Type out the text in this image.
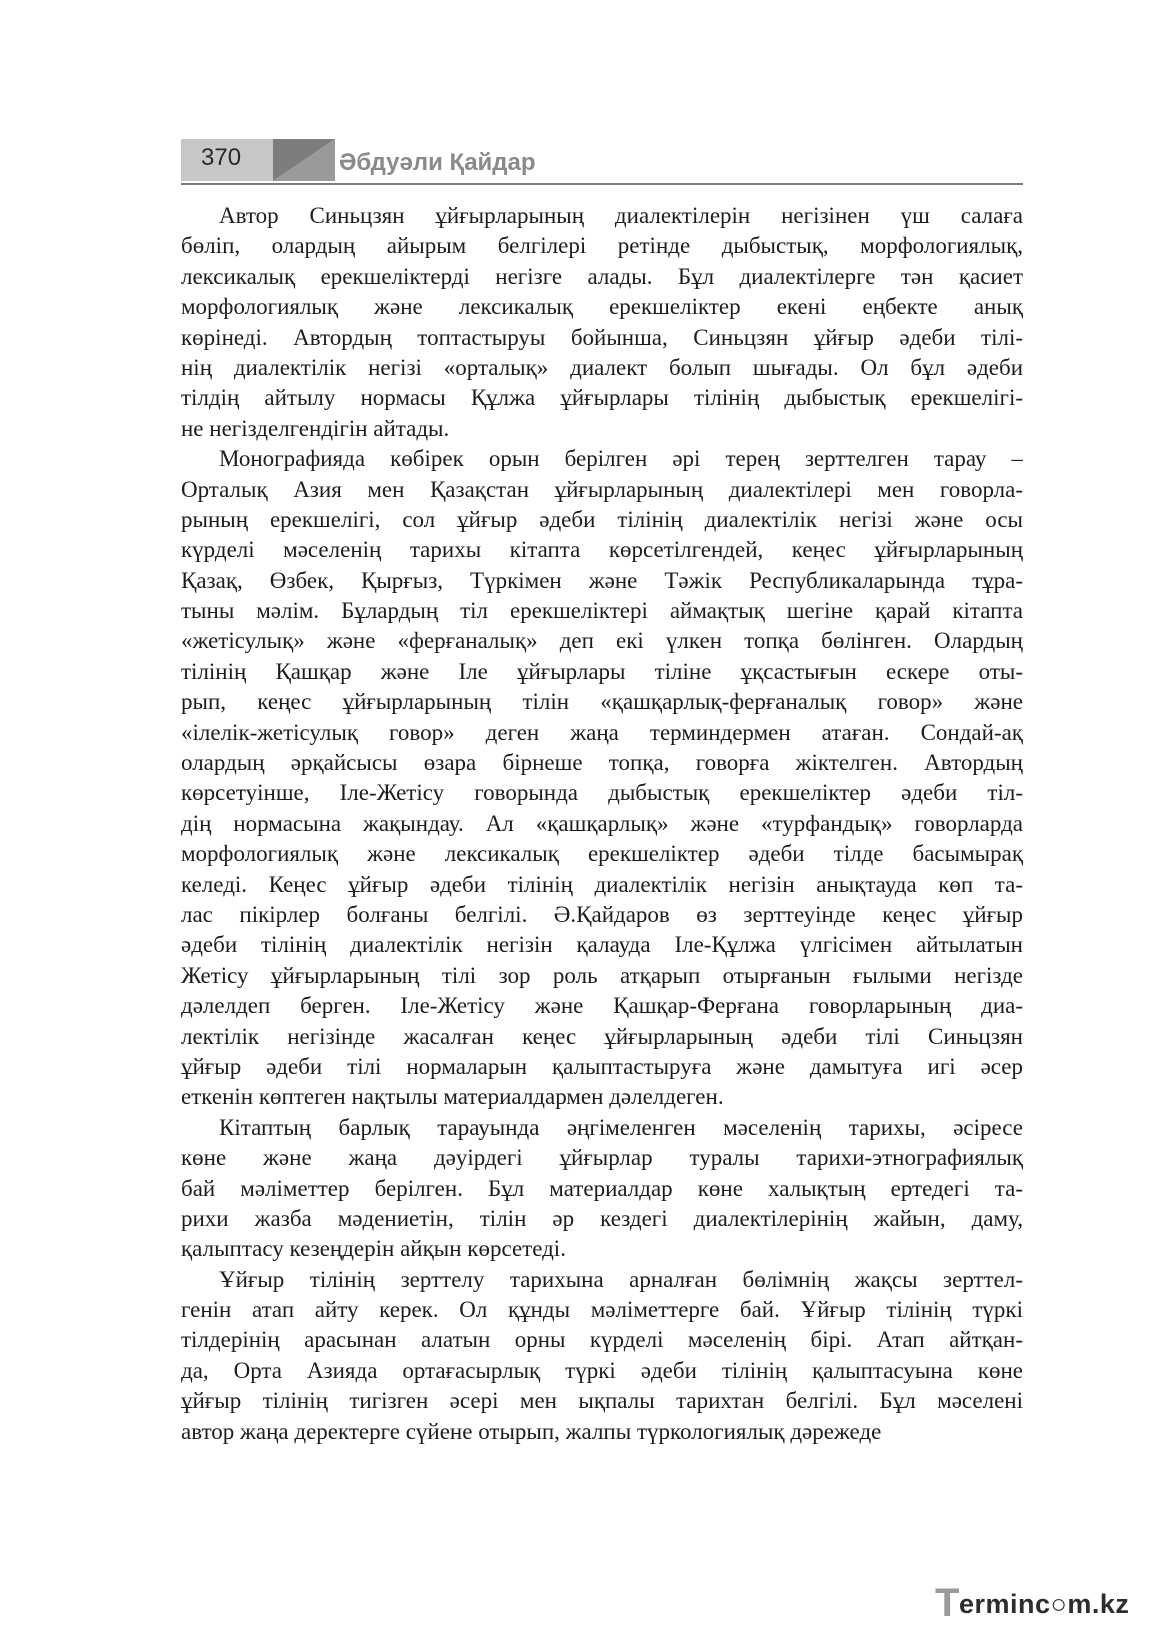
370	Әбдуәли Қайдар
Автор Синьцзян ұйғырларының диалектілерін негізінен үш салаға
бөліп, олардың айырым белгілері ретінде дыбыстық, морфологиялық,
лексикалық ерекшеліктерді негізге алады. Бұл диалектілерге тән қасиет
морфологиялық және лексикалық ерекшеліктер екені еңбекте анық
көрінеді. Автордың топтастыруы бойынша, Синьцзян ұйғыр әдеби тілі-
нің диалектілік негізі «орталық» диалект болып шығады. Ол бұл әдеби
тілдің айтылу нормасы Құлжа ұйғырлары тілінің дыбыстық ерекшелігі-
не негізделгендігін айтады.
Монографияда көбірек орын берілген әрі терең зерттелген тарау –
Орталық Азия мен Қазақстан ұйғырларының диалектілері мен говорла-
рының ерекшелігі, сол ұйғыр әдеби тілінің диалектілік негізі және осы
күрделі мәселенің тарихы кітапта көрсетілгендей, кеңес ұйғырларының
Қазақ, Өзбек, Қырғыз, Түркімен және Тәжік Республикаларында тұра-
тыны мәлім. Бұлардың тіл ерекшеліктері аймақтық шегіне қарай кітапта
«жетісулық» және «ферғаналық» деп екі үлкен топқа бөлінген. Олардың
тілінің Қашқар және Іле ұйғырлары тіліне ұқсастығын ескере оты-
рып, кеңес ұйғырларының тілін «қашқарлық-ферғаналық говор» және
«ілелік-жетісулық говор» деген жаңа терминдермен атаған. Сондай-ақ
олардың әрқайсысы өзара бірнеше топқа, говорға жіктелген. Автордың
көрсетуінше, Іле-Жетісу говорында дыбыстық ерекшеліктер әдеби тіл-
дің нормасына жақындау. Ал «қашқарлық» және «турфандық» говорларда
морфологиялық және лексикалық ерекшеліктер әдеби тілде басымырақ
келеді. Кеңес ұйғыр әдеби тілінің диалектілік негізін анықтауда көп та-
лас пікірлер болғаны белгілі. Ә.Қайдаров өз зерттеуінде кеңес ұйғыр
әдеби тілінің диалектілік негізін қалауда Іле-Құлжа үлгісімен айтылатын
Жетісу ұйғырларының тілі зор роль атқарып отырғанын ғылыми негізде
дәлелдеп берген. Іле-Жетісу және Қашқар-Ферғана говорларының диа-
лектілік негізінде жасалған кеңес ұйғырларының әдеби тілі Синьцзян
ұйғыр әдеби тілі нормаларын қалыптастыруға және дамытуға игі әсер
еткенін көптеген нақтылы материалдармен дәлелдеген.
Кітаптың барлық тарауында әңгімеленген мәселенің тарихы, әсіресе
көне және жаңа дәуірдегі ұйғырлар туралы тарихи-этнографиялық
бай мәліметтер берілген. Бұл материалдар көне халықтың ертедегі та-
рихи жазба мәдениетін, тілін әр кездегі диалектілерінің жайын, даму,
қалыптасу кезеңдерін айқын көрсетеді.
Ұйғыр тілінің зерттелу тарихына арналған бөлімнің жақсы зерттел-
генін атап айту керек. Ол құнды мәліметтерге бай. Ұйғыр тілінің түркі
тілдерінің арасынан алатын орны күрделі мәселенің бірі. Атап айтқан-
да, Орта Азияда ортағасырлық түркі әдеби тілінің қалыптасуына көне
ұйғыр тілінің тигізген әсері мен ықпалы тарихтан белгілі. Бұл мәселені
автор жаңа деректерге сүйене отырып, жалпы түркологиялық дәрежеде
T erminc○m.kz
